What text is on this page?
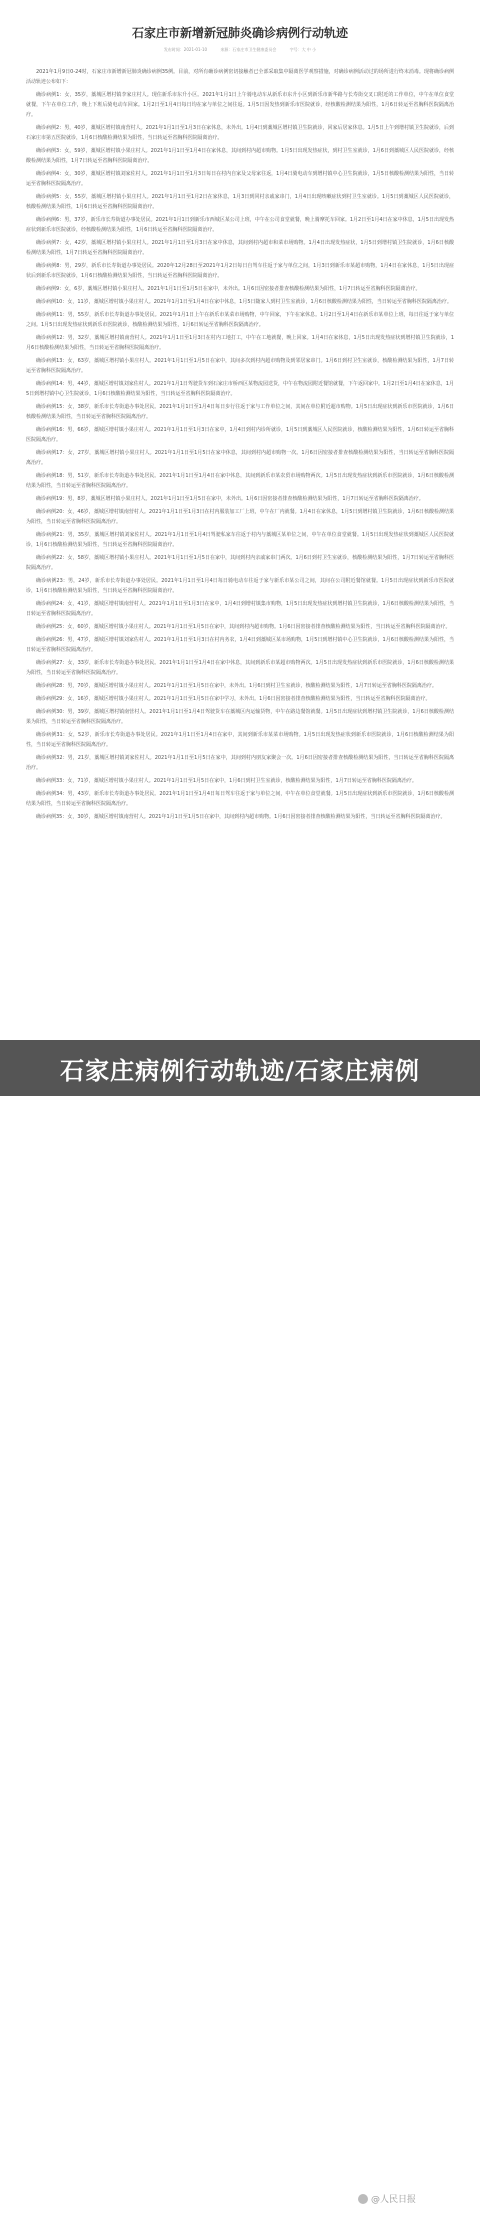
石家庄市新增新冠肺炎确诊病例行动轨迹
发布时间：2021-01-10	来源：石家庄市卫生健康委员会	字号：大 中 小

2021年1月9日0-24时，石家庄市新增新冠肺炎确诊病例35例。目前，对所有确诊病例密切接触者已全部采取集中隔离医学观察措施，对确诊病例活动过的场所进行终末消毒。现将确诊病例活动轨迹公布如下：

确诊病例1：女，35岁，藁城区增村镇李家庄村人。现住新乐市东升小区。2021年1月1日上午骑电动车从新乐市东升小区到新乐市新华路与长寿街交叉口附近的工作单位，中午在单位食堂就餐，下午在单位工作，晚上下班后骑电动车回家。1月2日至1月4日每日均在家与单位之间往返。1月5日因发热到新乐市医院就诊，经核酸检测结果为阳性，1月6日转运至省胸科医院隔离治疗。

确诊病例2：男，40岁，藁城区增村镇南营村人。2021年1月1日至1月3日在家休息，未外出。1月4日到藁城区增村镇卫生院就诊，回家后居家休息。1月5日上午到增村镇卫生院就诊，后到石家庄市第五医院就诊，1月6日核酸检测结果为阳性，当日转运至省胸科医院隔离治疗。

确诊病例3：女，59岁，藁城区增村镇小果庄村人。2021年1月1日至1月4日在家休息，其间到村内超市购物。1月5日出现发热症状，到村卫生室就诊，1月6日到藁城区人民医院就诊，经核酸检测结果为阳性，1月7日转运至省胸科医院隔离治疗。

确诊病例4：女，30岁，藁城区增村镇刘家佐村人。2021年1月1日至1月3日每日在村内自家及父母家往返，1月4日骑电动车到增村镇中心卫生院就诊，1月5日核酸检测结果为阳性，当日转运至省胸科医院隔离治疗。

确诊病例5：女，55岁，藁城区增村镇小果庄村人。2021年1月1日至1月2日在家休息，1月3日到同村亲戚家串门，1月4日出现咳嗽症状到村卫生室就诊。1月5日到藁城区人民医院就诊，核酸检测结果为阳性，1月6日转运至省胸科医院隔离治疗。

确诊病例6：男，37岁，新乐市长寿街道办事处居民。2021年1月1日到新乐市西城区某公司上班，中午在公司食堂就餐，晚上骑摩托车回家。1月2日至1月4日在家中休息，1月5日出现发热症状到新乐市医院就诊，经核酸检测结果为阳性，1月6日转运至省胸科医院隔离治疗。

确诊病例7：女，42岁，藁城区增村镇小果庄村人。2021年1月1日至1月3日在家中休息，其间到村内超市和菜市场购物。1月4日出现发热症状，1月5日到增村镇卫生院就诊，1月6日核酸检测结果为阳性，1月7日转运至省胸科医院隔离治疗。

确诊病例8：男，29岁，新乐市长寿街道办事处居民。2020年12月28日至2021年1月2日每日自驾车往返于家与单位之间，1月3日到新乐市某超市购物，1月4日在家休息，1月5日出现症状后到新乐市医院就诊，1月6日核酸检测结果为阳性，当日转运至省胸科医院隔离治疗。

确诊病例9：女，6岁，藁城区增村镇小果庄村人。2021年1月1日至1月5日在家中，未外出。1月6日因密接者排查核酸检测结果为阳性，1月7日转运至省胸科医院隔离治疗。

确诊病例10：女，11岁，藁城区增村镇小果庄村人。2021年1月1日至1月4日在家中休息，1月5日随家人到村卫生室就诊，1月6日核酸检测结果为阳性，当日转运至省胸科医院隔离治疗。

确诊病例11：男，55岁，新乐市长寿街道办事处居民。2021年1月1日上午在新乐市某菜市场购物，中午回家，下午在家休息。1月2日至1月4日在新乐市某单位上班，每日往返于家与单位之间。1月5日出现发热症状到新乐市医院就诊，核酸检测结果为阳性，1月6日转运至省胸科医院隔离治疗。

确诊病例12：男，32岁，藁城区增村镇南营村人。2021年1月1日至1月3日在村内工地打工，中午在工地就餐，晚上回家。1月4日在家休息，1月5日出现发热症状到增村镇卫生院就诊，1月6日核酸检测结果为阳性，当日转运至省胸科医院隔离治疗。

确诊病例13：女，63岁，藁城区增村镇小果庄村人。2021年1月1日至1月5日在家中，其间多次到村内超市购物及到邻居家串门。1月6日到村卫生室就诊，核酸检测结果为阳性，1月7日转运至省胸科医院隔离治疗。

确诊病例14：男，44岁，藁城区增村镇刘家佐村人。2021年1月1日驾驶货车到石家庄市桥西区某物流园送货，中午在物流园附近餐馆就餐，下午返回家中。1月2日至1月4日在家休息，1月5日到增村镇中心卫生院就诊，1月6日核酸检测结果为阳性，当日转运至省胸科医院隔离治疗。

确诊病例15：女，38岁，新乐市长寿街道办事处居民。2021年1月1日至1月4日每日步行往返于家与工作单位之间，其间在单位附近超市购物。1月5日出现症状到新乐市医院就诊，1月6日核酸检测结果为阳性，当日转运至省胸科医院隔离治疗。

确诊病例16：男，66岁，藁城区增村镇小果庄村人。2021年1月1日至1月3日在家中，1月4日到村内诊所就诊，1月5日到藁城区人民医院就诊，核酸检测结果为阳性，1月6日转运至省胸科医院隔离治疗。

确诊病例17：女，27岁，藁城区增村镇小果庄村人。2021年1月1日至1月5日在家中休息，其间到村内超市购物一次。1月6日因密接者排查核酸检测结果为阳性，当日转运至省胸科医院隔离治疗。

确诊病例18：男，51岁，新乐市长寿街道办事处居民。2021年1月1日至1月4日在家中休息，其间到新乐市某农贸市场购物两次。1月5日出现发热症状到新乐市医院就诊，1月6日核酸检测结果为阳性，当日转运至省胸科医院隔离治疗。

确诊病例19：男，8岁，藁城区增村镇小果庄村人。2021年1月1日至1月5日在家中，未外出。1月6日因密接者排查核酸检测结果为阳性，1月7日转运至省胸科医院隔离治疗。

确诊病例20：女，46岁，藁城区增村镇南营村人。2021年1月1日至1月3日在村内服装加工厂上班，中午在厂内就餐。1月4日在家休息，1月5日到增村镇卫生院就诊，1月6日核酸检测结果为阳性，当日转运至省胸科医院隔离治疗。

确诊病例21：男，35岁，藁城区增村镇刘家佐村人。2021年1月1日至1月4日驾驶私家车往返于村内与藁城区某单位之间，中午在单位食堂就餐。1月5日出现发热症状到藁城区人民医院就诊，1月6日核酸检测结果为阳性，当日转运至省胸科医院隔离治疗。

确诊病例22：女，58岁，藁城区增村镇小果庄村人。2021年1月1日至1月5日在家中，其间到村内亲戚家串门两次。1月6日到村卫生室就诊，核酸检测结果为阳性，1月7日转运至省胸科医院隔离治疗。

确诊病例23：男，24岁，新乐市长寿街道办事处居民。2021年1月1日至1月4日每日骑电动车往返于家与新乐市某公司之间，其间在公司附近餐馆就餐。1月5日出现症状到新乐市医院就诊，1月6日核酸检测结果为阳性，当日转运至省胸科医院隔离治疗。

确诊病例24：女，41岁，藁城区增村镇南营村人。2021年1月1日至1月3日在家中，1月4日到增村镇集市购物，1月5日出现发热症状到增村镇卫生院就诊，1月6日核酸检测结果为阳性，当日转运至省胸科医院隔离治疗。

确诊病例25：女，60岁，藁城区增村镇小果庄村人。2021年1月1日至1月5日在家中，其间到村内超市购物。1月6日因密接者排查核酸检测结果为阳性，当日转运至省胸科医院隔离治疗。

确诊病例26：男，47岁，藁城区增村镇刘家佐村人。2021年1月1日至1月3日在村内务农，1月4日到藁城区某市场购物，1月5日到增村镇中心卫生院就诊，1月6日核酸检测结果为阳性，当日转运至省胸科医院隔离治疗。

确诊病例27：女，33岁，新乐市长寿街道办事处居民。2021年1月1日至1月4日在家中休息，其间到新乐市某超市购物两次。1月5日出现发热症状到新乐市医院就诊，1月6日核酸检测结果为阳性，当日转运至省胸科医院隔离治疗。

确诊病例28：男，70岁，藁城区增村镇小果庄村人。2021年1月1日至1月5日在家中，未外出。1月6日到村卫生室就诊，核酸检测结果为阳性，1月7日转运至省胸科医院隔离治疗。

确诊病例29：女，16岁，藁城区增村镇小果庄村人。2021年1月1日至1月5日在家中学习，未外出。1月6日因密接者排查核酸检测结果为阳性，当日转运至省胸科医院隔离治疗。

确诊病例30：男，39岁，藁城区增村镇南营村人。2021年1月1日至1月4日驾驶货车在藁城区内运输货物，中午在路边餐馆就餐。1月5日出现症状到增村镇卫生院就诊，1月6日核酸检测结果为阳性，当日转运至省胸科医院隔离治疗。

确诊病例31：女，52岁，新乐市长寿街道办事处居民。2021年1月1日至1月4日在家中，其间到新乐市某菜市场购物。1月5日出现发热症状到新乐市医院就诊，1月6日核酸检测结果为阳性，当日转运至省胸科医院隔离治疗。

确诊病例32：男，21岁，藁城区增村镇刘家佐村人。2021年1月1日至1月5日在家中，其间到村内朋友家聚会一次。1月6日因密接者排查核酸检测结果为阳性，当日转运至省胸科医院隔离治疗。

确诊病例33：女，71岁，藁城区增村镇小果庄村人。2021年1月1日至1月5日在家中，1月6日到村卫生室就诊，核酸检测结果为阳性，1月7日转运至省胸科医院隔离治疗。

确诊病例34：男，43岁，新乐市长寿街道办事处居民。2021年1月1日至1月4日每日驾车往返于家与单位之间，中午在单位食堂就餐。1月5日出现症状到新乐市医院就诊，1月6日核酸检测结果为阳性，当日转运至省胸科医院隔离治疗。

确诊病例35：女，30岁，藁城区增村镇南营村人。2021年1月1日至1月5日在家中，其间到村内超市购物。1月6日因密接者排查核酸检测结果为阳性，当日转运至省胸科医院隔离治疗。

石家庄病例行动轨迹/石家庄病例
@人民日报
